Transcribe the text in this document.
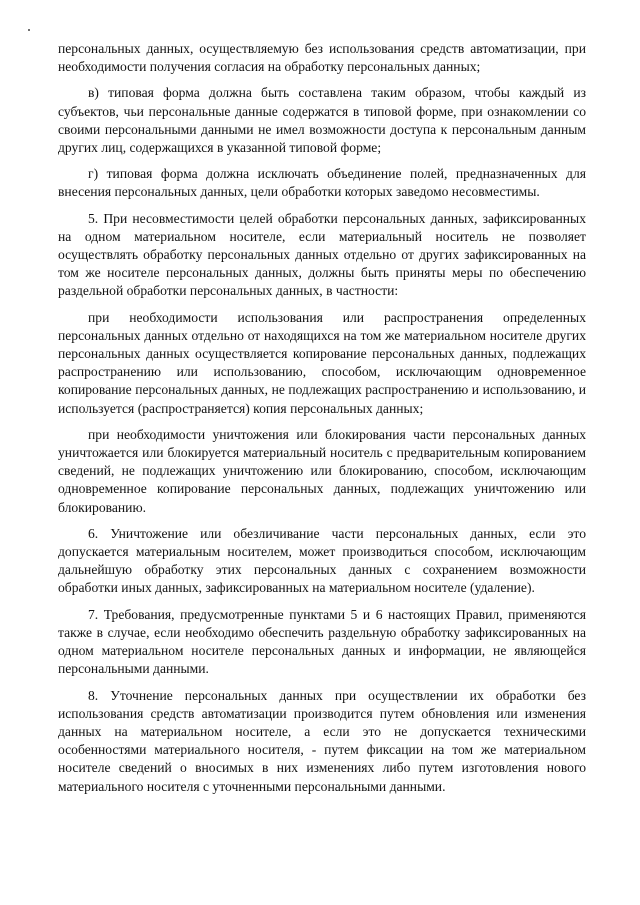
персональных данных, осуществляемую без использования средств автоматизации, при необходимости получения согласия на обработку персональных данных;

в) типовая форма должна быть составлена таким образом, чтобы каждый из субъектов, чьи персональные данные содержатся в типовой форме, при ознакомлении со своими персональными данными не имел возможности доступа к персональным данным других лиц, содержащихся в указанной типовой форме;

г) типовая форма должна исключать объединение полей, предназначенных для внесения персональных данных, цели обработки которых заведомо несовместимы.

5. При несовместимости целей обработки персональных данных, зафиксированных на одном материальном носителе, если материальный носитель не позволяет осуществлять обработку персональных данных отдельно от других зафиксированных на том же носителе персональных данных, должны быть приняты меры по обеспечению раздельной обработки персональных данных, в частности:

при необходимости использования или распространения определенных персональных данных отдельно от находящихся на том же материальном носителе других персональных данных осуществляется копирование персональных данных, подлежащих распространению или использованию, способом, исключающим одновременное копирование персональных данных, не подлежащих распространению и использованию, и используется (распространяется) копия персональных данных;

при необходимости уничтожения или блокирования части персональных данных уничтожается или блокируется материальный носитель с предварительным копированием сведений, не подлежащих уничтожению или блокированию, способом, исключающим одновременное копирование персональных данных, подлежащих уничтожению или блокированию.

6. Уничтожение или обезличивание части персональных данных, если это допускается материальным носителем, может производиться способом, исключающим дальнейшую обработку этих персональных данных с сохранением возможности обработки иных данных, зафиксированных на материальном носителе (удаление).

7. Требования, предусмотренные пунктами 5 и 6 настоящих Правил, применяются также в случае, если необходимо обеспечить раздельную обработку зафиксированных на одном материальном носителе персональных данных и информации, не являющейся персональными данными.

8. Уточнение персональных данных при осуществлении их обработки без использования средств автоматизации производится путем обновления или изменения данных на материальном носителе, а если это не допускается техническими особенностями материального носителя, - путем фиксации на том же материальном носителе сведений о вносимых в них изменениях либо путем изготовления нового материального носителя с уточненными персональными данными.
